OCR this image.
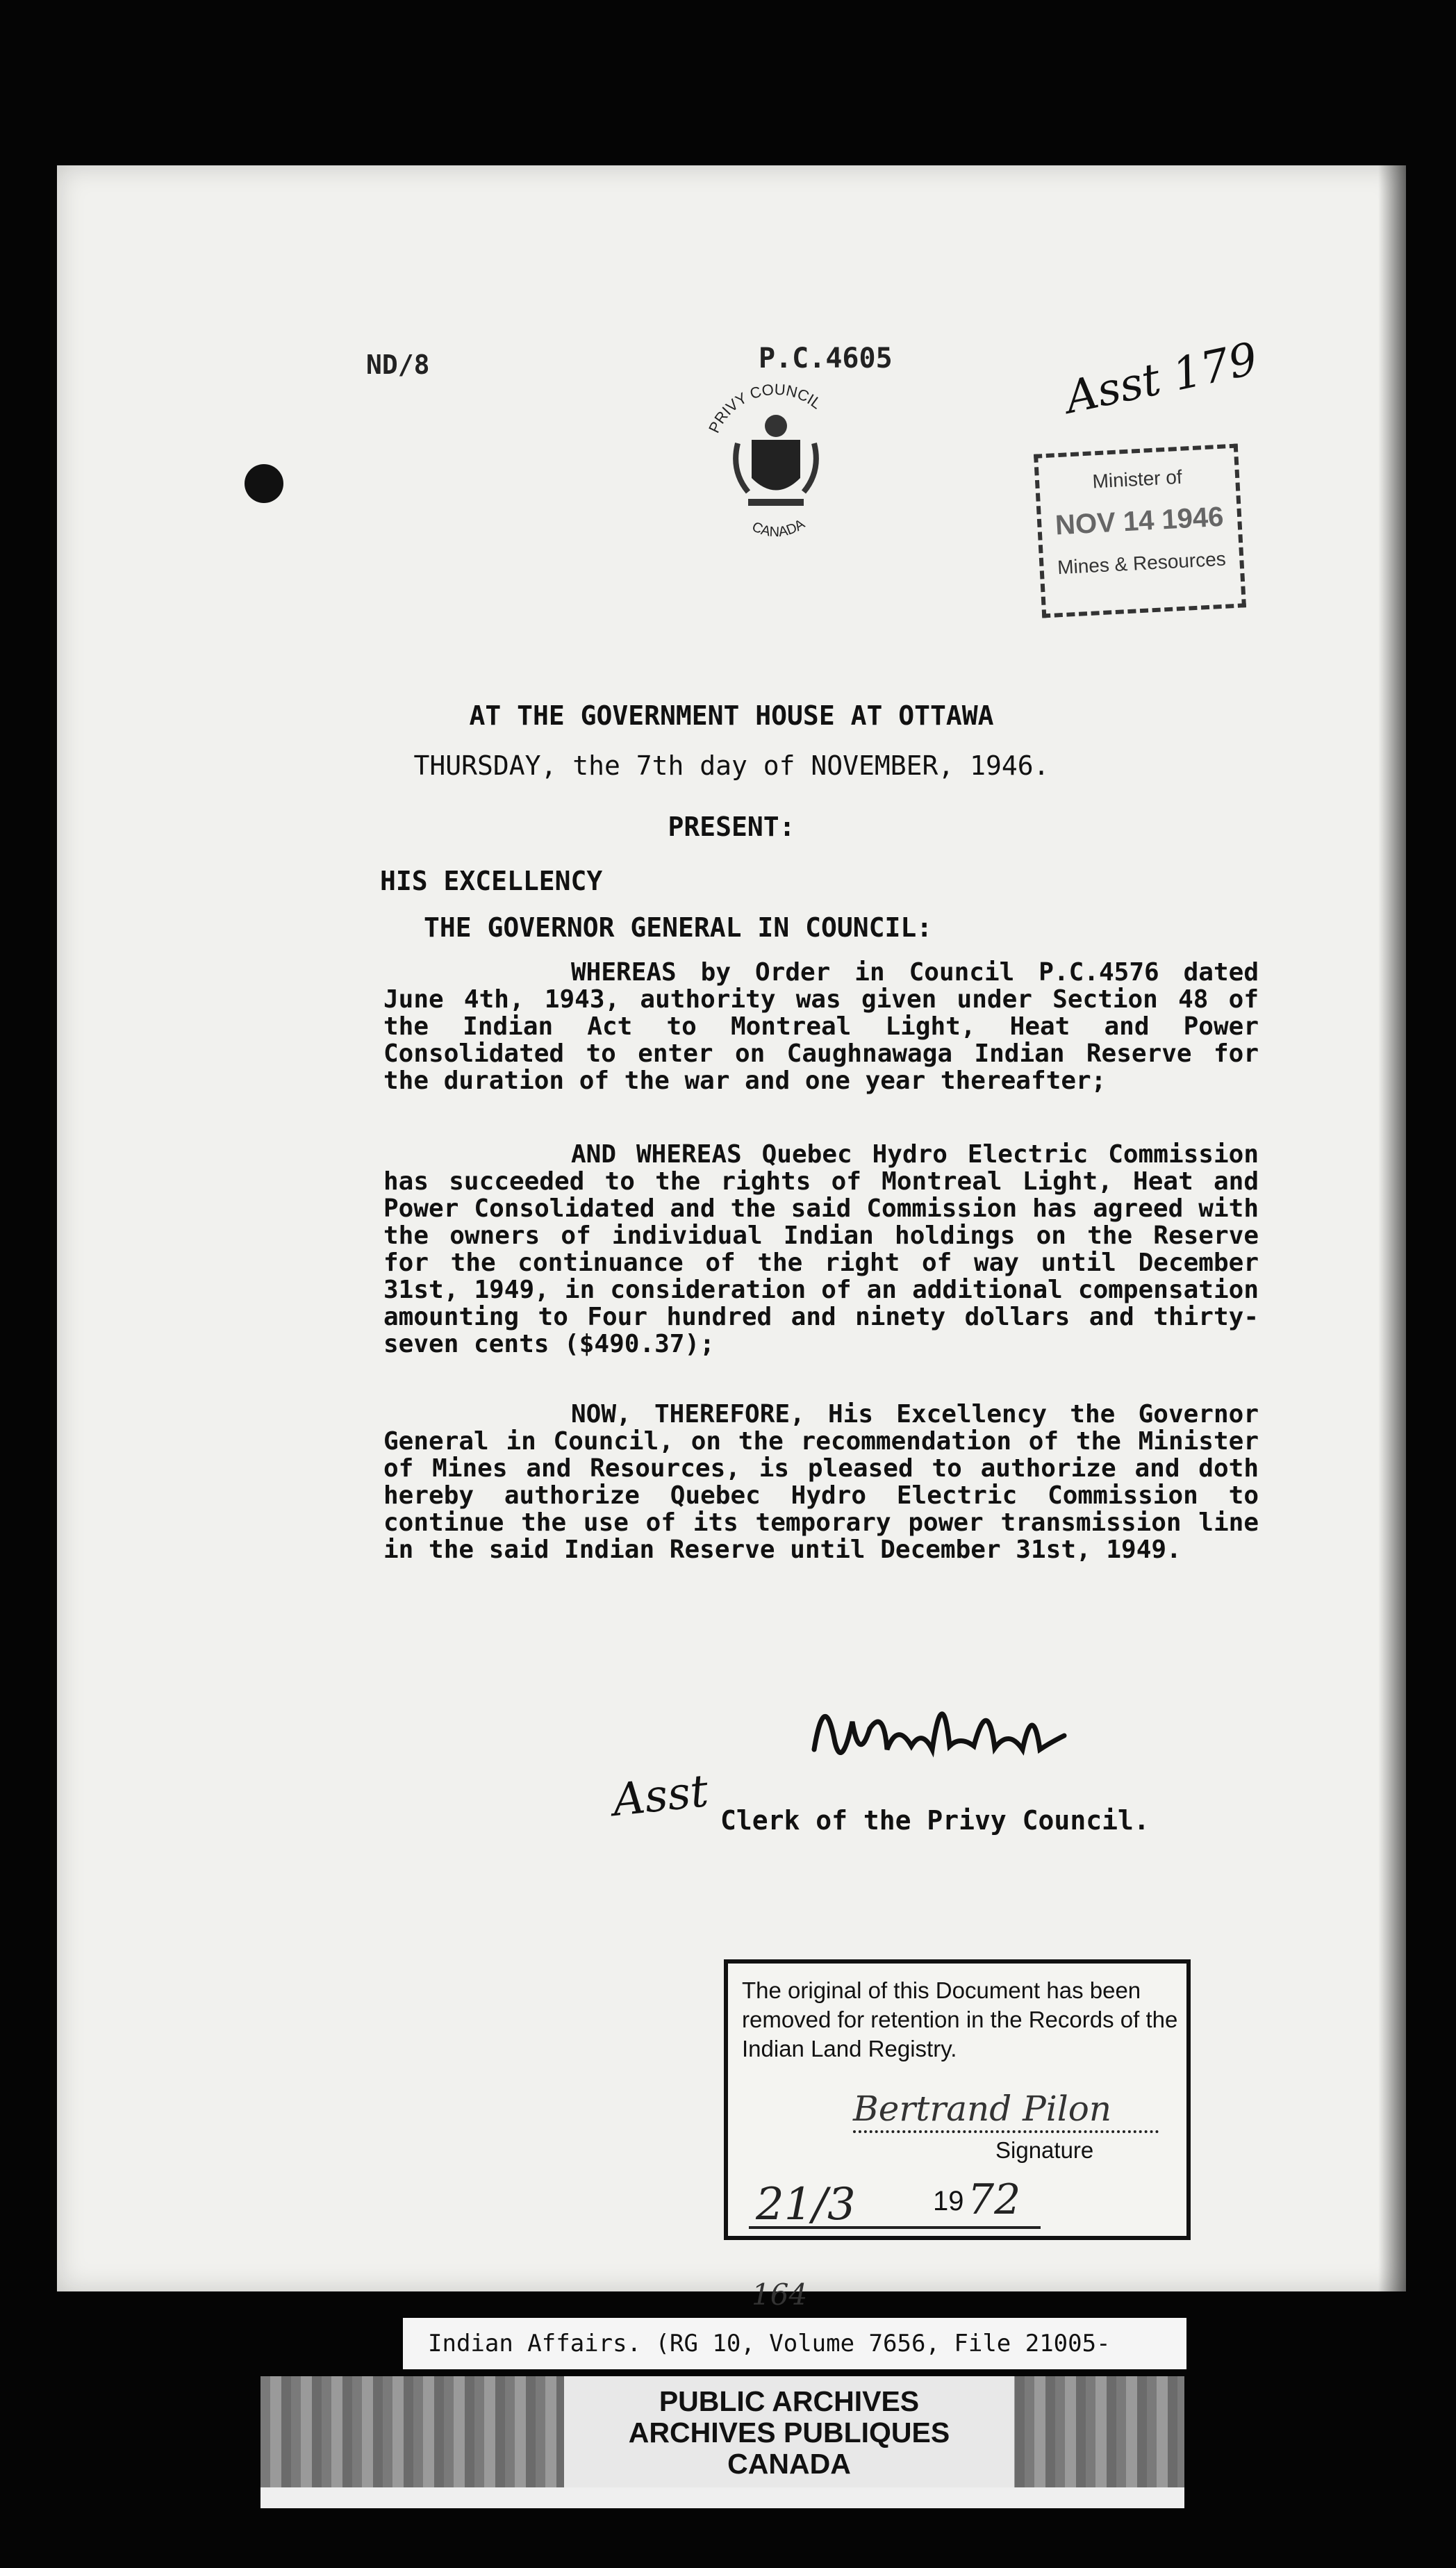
ND/8	P.C.4605	Asst 179
PRIVY COUNCIL
CANADA
Minister of
NOV 14 1946
Mines & Resources
AT THE GOVERNMENT HOUSE AT OTTAWA
THURSDAY, the 7th day of NOVEMBER, 1946.
PRESENT:
HIS EXCELLENCY
THE GOVERNOR GENERAL IN COUNCIL:
WHEREAS by Order in Council P.C.4576 dated June 4th, 1943, authority was given under Section 48 of the Indian Act to Montreal Light, Heat and Power Consolidated to enter on Caughnawaga Indian Reserve for the duration of the war and one year thereafter;
AND WHEREAS Quebec Hydro Electric Commission has succeeded to the rights of Montreal Light, Heat and Power Consolidated and the said Commission has agreed with the owners of individual Indian holdings on the Reserve for the continuance of the right of way until December 31st, 1949, in consideration of an additional compensation amounting to Four hundred and ninety dollars and thirty-seven cents ($490.37);
NOW, THEREFORE, His Excellency the Governor General in Council, on the recommendation of the Minister of Mines and Resources, is pleased to authorize and doth hereby authorize Quebec Hydro Electric Commission to continue the use of its temporary power transmission line in the said Indian Reserve until December 31st, 1949.
Asst Clerk of the Privy Council.
The original of this Document has been removed for retention in the Records of the Indian Land Registry.
Bertrand Pilon
Signature
21/3	19 72
164
Indian Affairs. (RG 10, Volume 7656, File 21005-
PUBLIC ARCHIVES
ARCHIVES PUBLIQUES
CANADA
